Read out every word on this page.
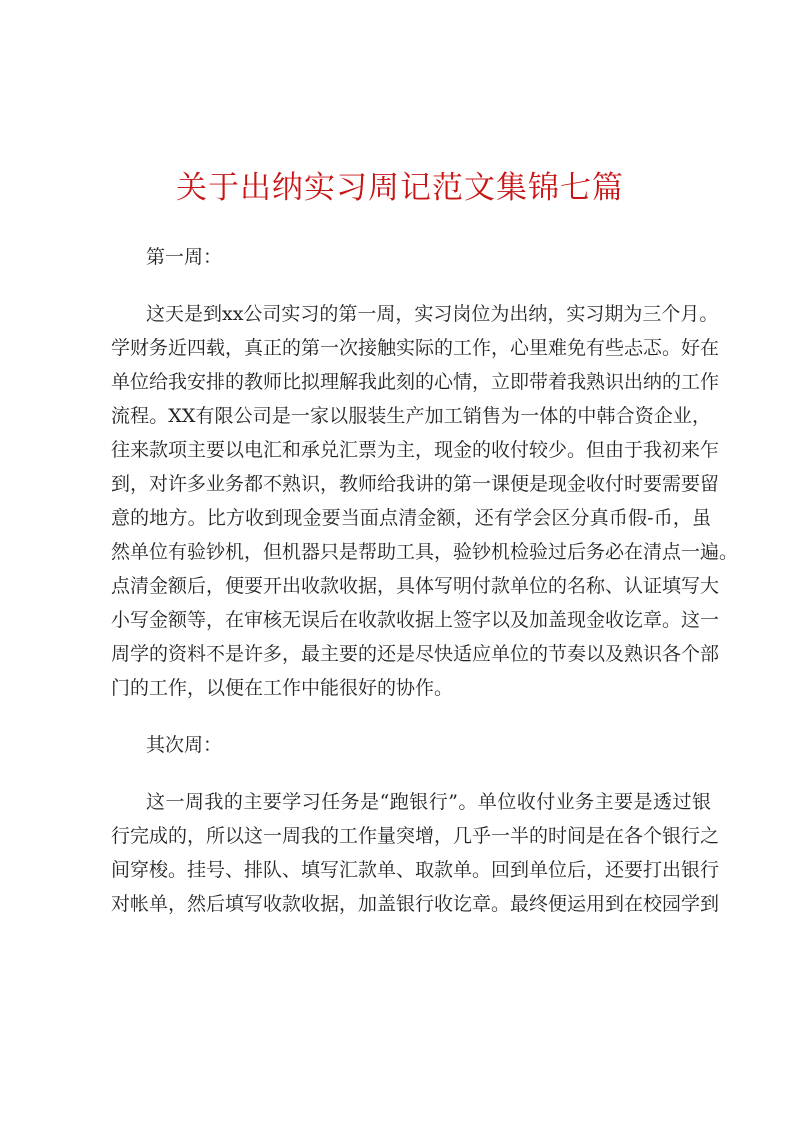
关于出纳实习周记范文集锦七篇

第一周：

这天是到xx公司实习的第一周，实习岗位为出纳，实习期为三个月。
学财务近四载，真正的第一次接触实际的工作，心里难免有些忐忑。好在
单位给我安排的教师比拟理解我此刻的心情，立即带着我熟识出纳的工作
流程。XX有限公司是一家以服装生产加工销售为一体的中韩合资企业，
往来款项主要以电汇和承兑汇票为主，现金的收付较少。但由于我初来乍
到，对许多业务都不熟识，教师给我讲的第一课便是现金收付时要需要留
意的地方。比方收到现金要当面点清金额，还有学会区分真币假-币，虽
然单位有验钞机，但机器只是帮助工具，验钞机检验过后务必在清点一遍。
点清金额后，便要开出收款收据，具体写明付款单位的名称、认证填写大
小写金额等，在审核无误后在收款收据上签字以及加盖现金收讫章。这一
周学的资料不是许多，最主要的还是尽快适应单位的节奏以及熟识各个部
门的工作，以便在工作中能很好的协作。

其次周：

这一周我的主要学习任务是“跑银行”。单位收付业务主要是透过银
行完成的，所以这一周我的工作量突增，几乎一半的时间是在各个银行之
间穿梭。挂号、排队、填写汇款单、取款单。回到单位后，还要打出银行
对帐单，然后填写收款收据，加盖银行收讫章。最终便运用到在校园学到
